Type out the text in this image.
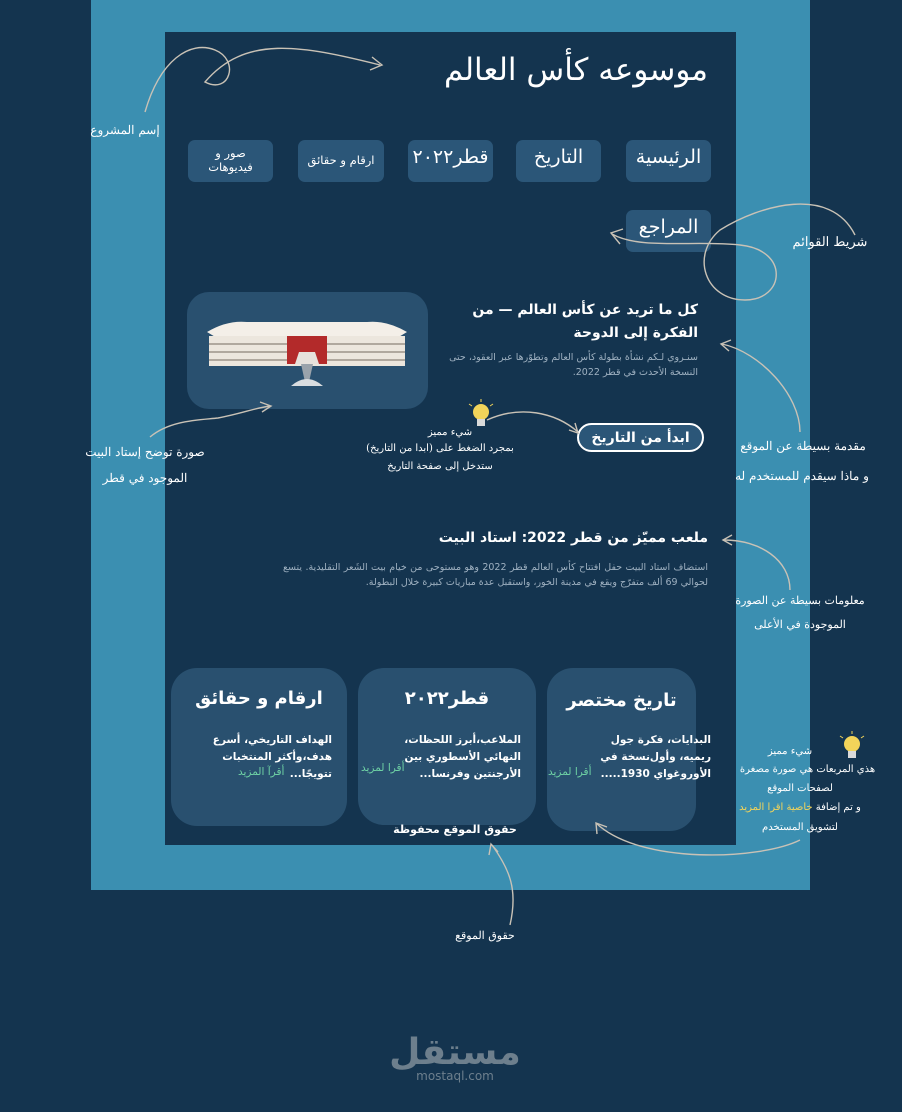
موسوعه كأس العالم
الرئيسية
التاريخ
قطر٢٠٢٢
ارقام و حقائق
صور و فيديوهات
المراجع
كل ما تريد عن كأس العالم — من الفكرة إلى الدوحة
سنـروي لـكم نشأة بطولة كأس العالم وتطوّرها عبر العقود، حتى النسخة الأحدث في قطر 2022.
ابدأ من التاريخ
ملعب مميّز من قطر 2022: استاد البيت
استضاف استاد البيت حفل افتتاح كأس العالم قطر 2022 وهو مستوحى من خيام بيت الشَعر التقليدية. يتسع لحوالي 69 ألف متفرّج ويقع في مدينة الخور، واستقبل عدة مباريات كبيرة خلال البطولة.
تاريخ مختصر
البدايات، فكرة جول ريميه، وأول‌نسخة في الأوروغواي 1930.....
أقرا لمزيد
قطر٢٠٢٢
الملاعب،أبرز اللحظات، النهائي الأسطوري بين الأرجنتين وفرنسا...
أقرا لمزيد
ارقام و حقائق
الهداف التاريخي، أسرع هدف،وأكثر المنتخبات تتويجًا...
أقرآ المزيد
حقوق الموقع محفوظة
إسم المشروع
شريط القوائم
صورة توضح إستاد البيت
الموجود في قطر
شيء مميز
بمجرد الضغط على (ابدا من التاريخ)
ستدخل إلى صفحة التاريخ
مقدمة بسيطة عن الموقع
و ماذا سيقدم للمستخدم له
معلومات بسيطة عن الصورة
الموجودة في الأعلى
شيء مميز
هذي المربعات هي صورة مصغرة
لصفحات الموقع
و تم إضافة خاصية اقرا المزيد
لتشويق المستخدم
حقوق الموقع
مستقل
mostaql.com
